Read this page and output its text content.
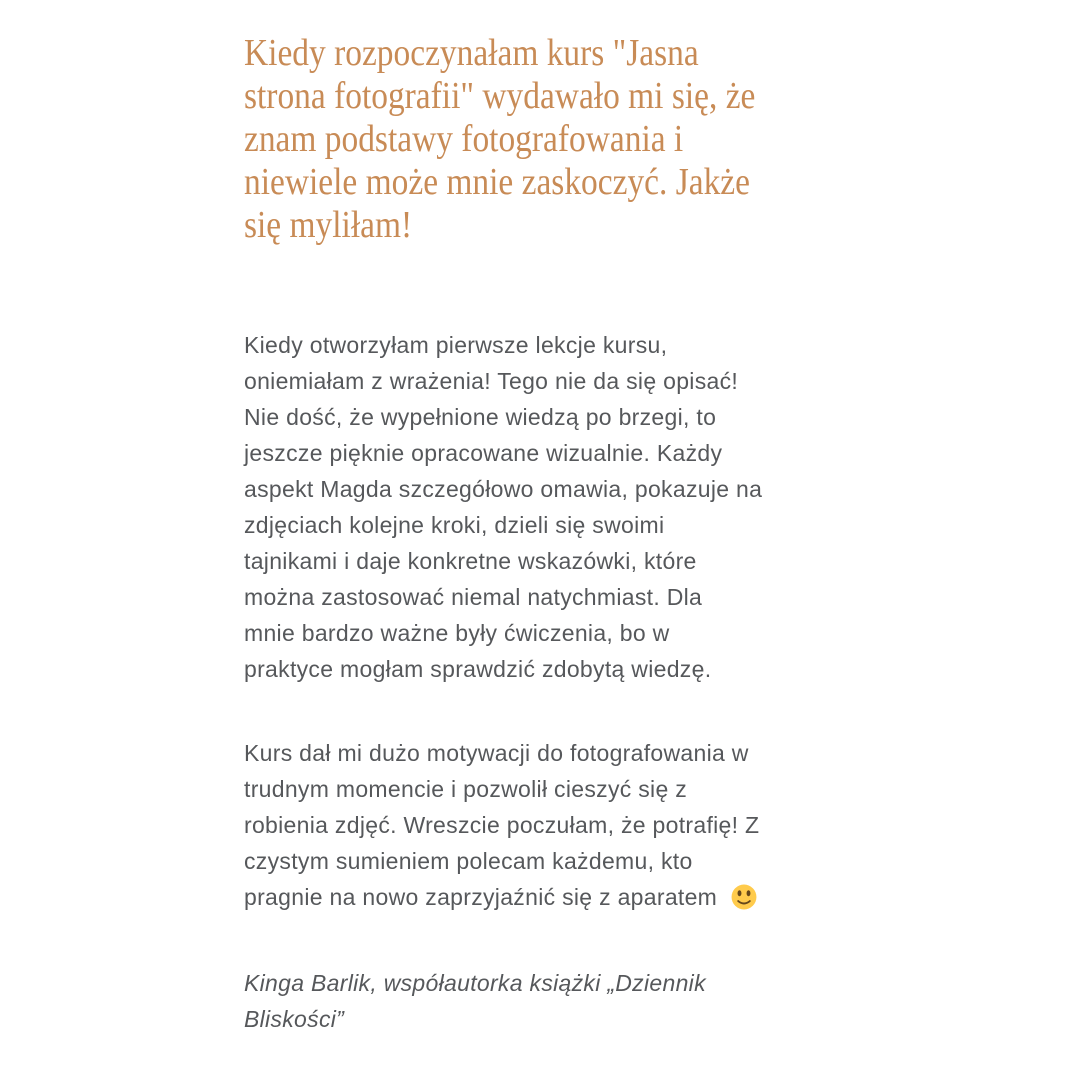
Kiedy rozpoczynałam kurs "Jasna
strona fotografii" wydawało mi się, że
znam podstawy fotografowania i
niewiele może mnie zaskoczyć. Jakże
się myliłam!
Kiedy otworzyłam pierwsze lekcje kursu,
oniemiałam z wrażenia! Tego nie da się opisać!
Nie dość, że wypełnione wiedzą po brzegi, to
jeszcze pięknie opracowane wizualnie. Każdy
aspekt Magda szczegółowo omawia, pokazuje na
zdjęciach kolejne kroki, dzieli się swoimi
tajnikami i daje konkretne wskazówki, które
można zastosować niemal natychmiast. Dla
mnie bardzo ważne były ćwiczenia, bo w
praktyce mogłam sprawdzić zdobytą wiedzę.
Kurs dał mi dużo motywacji do fotografowania w
trudnym momencie i pozwolił cieszyć się z
robienia zdjęć. Wreszcie poczułam, że potrafię! Z
czystym sumieniem polecam każdemu, kto
pragnie na nowo zaprzyjaźnić się z aparatem
Kinga Barlik, współautorka książki „Dziennik
Bliskości”
